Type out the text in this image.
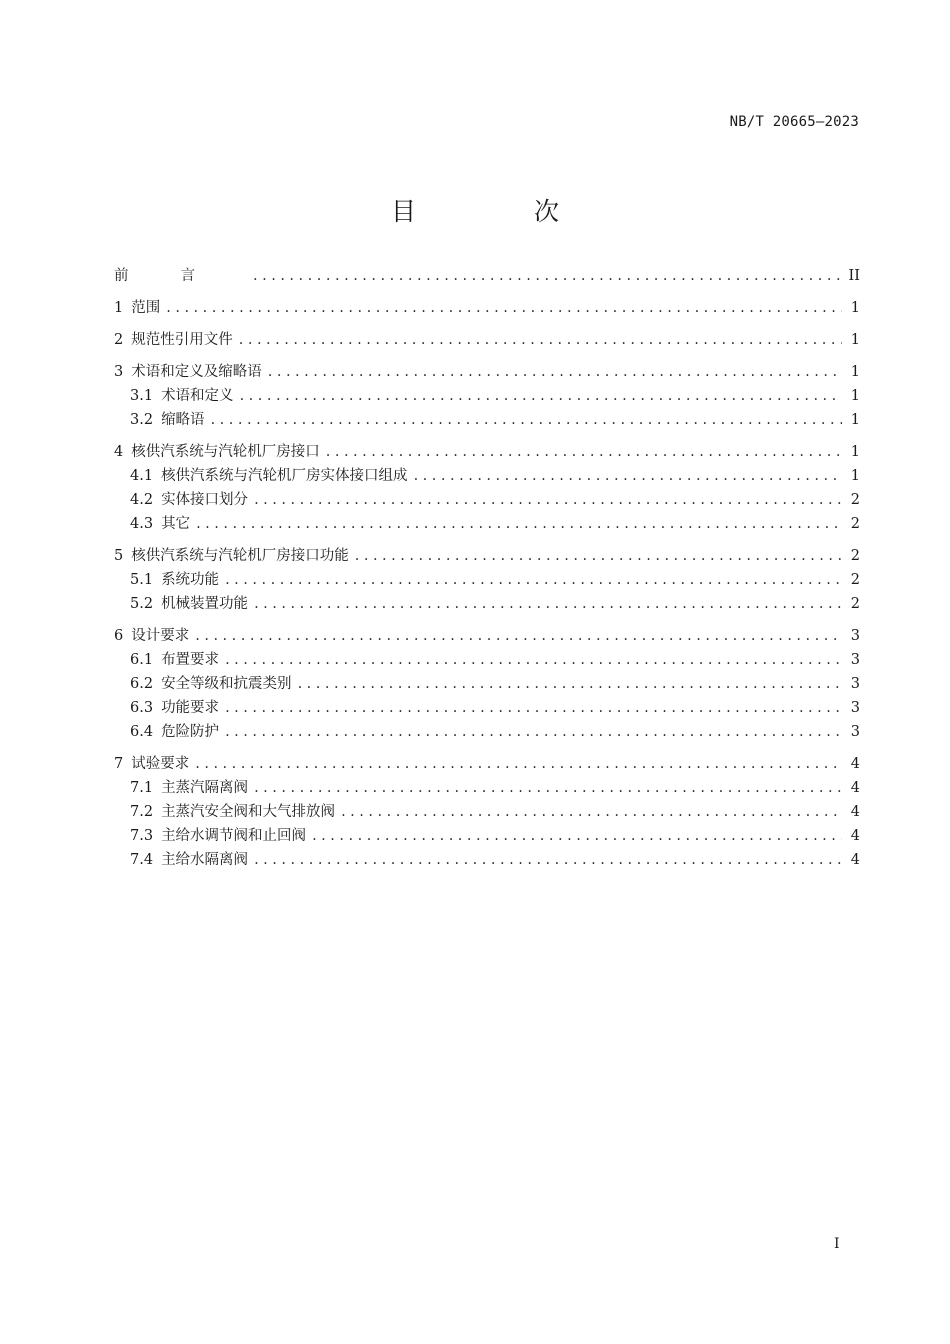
NB/T 20665—2023
目 次
前言 .....	II
1 范围 .....	1
2 规范性引用文件 .....	1
3 术语和定义及缩略语 .....	1
3.1 术语和定义 .....	1
3.2 缩略语 .....	1
4 核供汽系统与汽轮机厂房接口 .....	1
4.1 核供汽系统与汽轮机厂房实体接口组成 .....	1
4.2 实体接口划分 .....	2
4.3 其它 .....	2
5 核供汽系统与汽轮机厂房接口功能 .....	2
5.1 系统功能 .....	2
5.2 机械装置功能 .....	2
6 设计要求 .....	3
6.1 布置要求 .....	3
6.2 安全等级和抗震类别 .....	3
6.3 功能要求 .....	3
6.4 危险防护 .....	3
7 试验要求 .....	4
7.1 主蒸汽隔离阀 .....	4
7.2 主蒸汽安全阀和大气排放阀 .....	4
7.3 主给水调节阀和止回阀 .....	4
7.4 主给水隔离阀 .....	4
I
